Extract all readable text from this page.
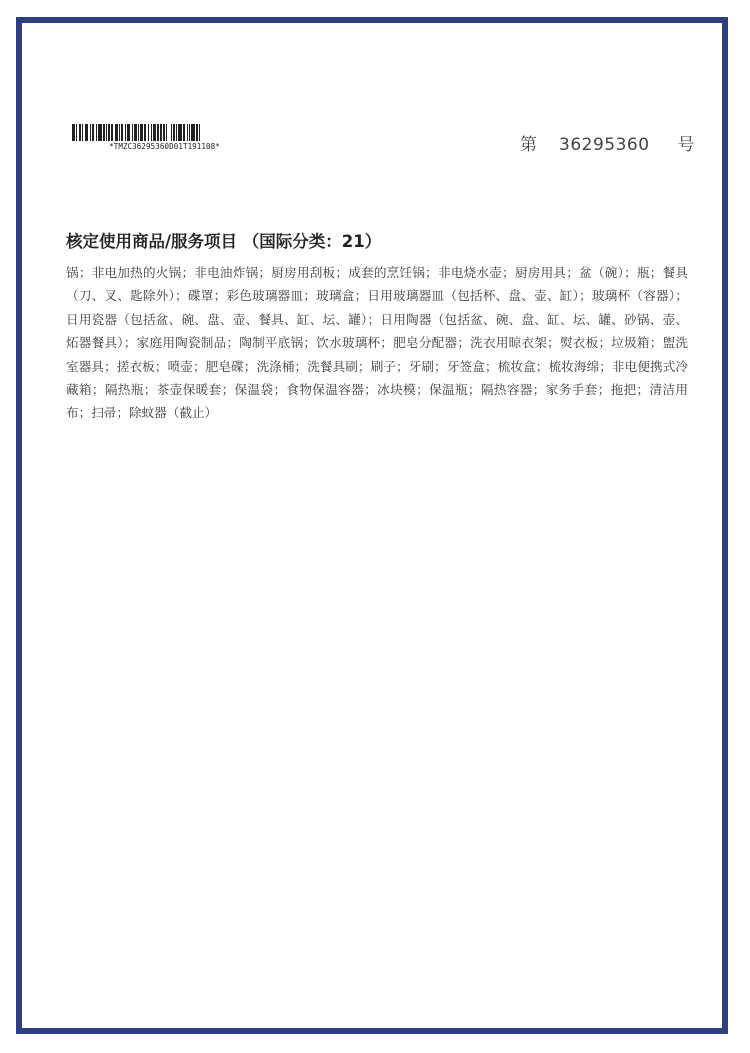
*TMZC36295360D01T191108*	第 36295360 号
核定使用商品/服务项目 （国际分类：21）
锅；非电加热的火锅；非电油炸锅；厨房用刮板；成套的烹饪锅；非电烧水壶；厨房用具；盆（碗）；瓶；餐具（刀、叉、匙除外）；碟罩；彩色玻璃器皿；玻璃盒；日用玻璃器皿（包括杯、盘、壶、缸）；玻璃杯（容器）；日用瓷器（包括盆、碗、盘、壶、餐具、缸、坛、罐）；日用陶器（包括盆、碗、盘、缸、坛、罐、砂锅、壶、炻器餐具）；家庭用陶瓷制品；陶制平底锅；饮水玻璃杯；肥皂分配器；洗衣用晾衣架；熨衣板；垃圾箱；盥洗室器具；搓衣板；喷壶；肥皂碟；洗涤桶；洗餐具刷；刷子；牙刷；牙签盒；梳妆盒；梳妆海绵；非电便携式冷藏箱；隔热瓶；茶壶保暖套；保温袋；食物保温容器；冰块模；保温瓶；隔热容器；家务手套；拖把；清洁用布；扫帚；除蚊器（截止）
